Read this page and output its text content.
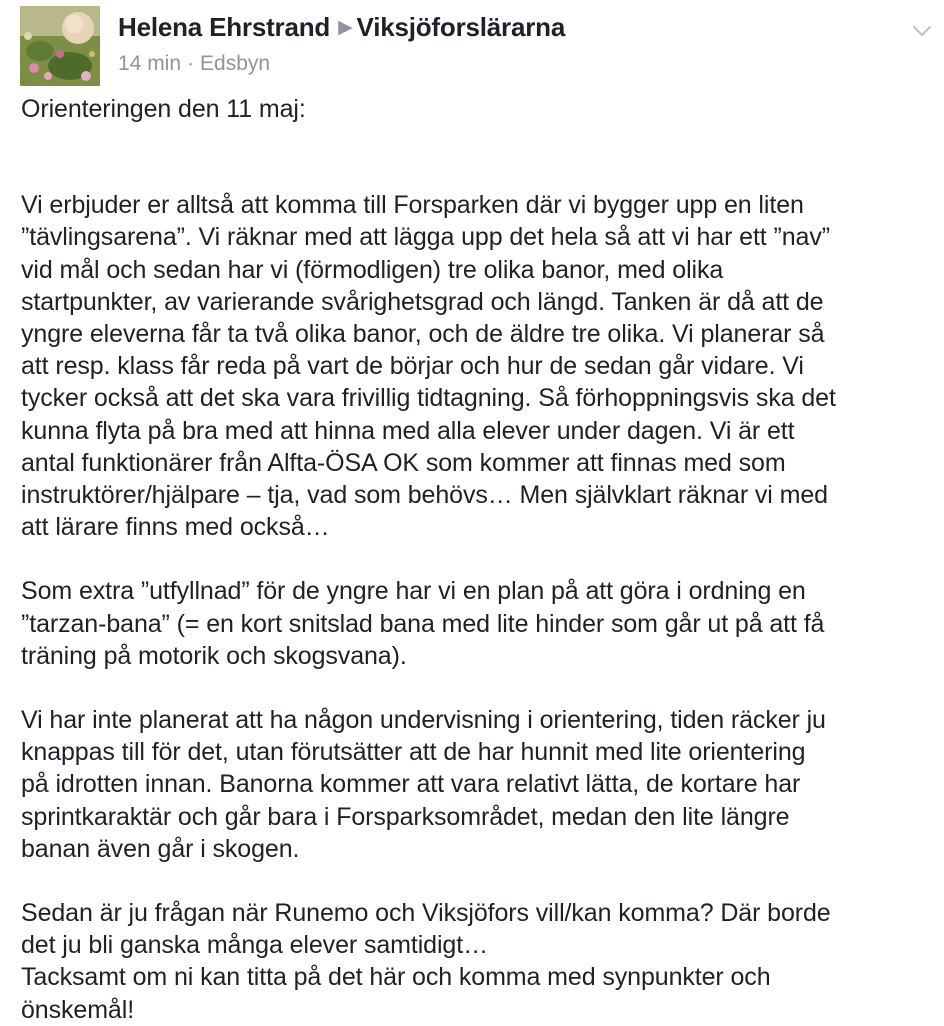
Helena Ehrstrand ▶ Viksjöforslärarna
14 min · Edsbyn

Orienteringen den 11 maj:

Vi erbjuder er alltså att komma till Forsparken där vi bygger upp en liten

”tävlingsarena”. Vi räknar med att lägga upp det hela så att vi har ett ”nav”

vid mål och sedan har vi (förmodligen) tre olika banor, med olika

startpunkter, av varierande svårighetsgrad och längd. Tanken är då att de

yngre eleverna får ta två olika banor, och de äldre tre olika. Vi planerar så

att resp. klass får reda på vart de börjar och hur de sedan går vidare. Vi

tycker också att det ska vara frivillig tidtagning. Så förhoppningsvis ska det

kunna flyta på bra med att hinna med alla elever under dagen. Vi är ett

antal funktionärer från Alfta-ÖSA OK som kommer att finnas med som

instruktörer/hjälpare – tja, vad som behövs… Men självklart räknar vi med

att lärare finns med också…

Som extra ”utfyllnad” för de yngre har vi en plan på att göra i ordning en

”tarzan-bana” (= en kort snitslad bana med lite hinder som går ut på att få

träning på motorik och skogsvana).

Vi har inte planerat att ha någon undervisning i orientering, tiden räcker ju

knappas till för det, utan förutsätter att de har hunnit med lite orientering

på idrotten innan. Banorna kommer att vara relativt lätta, de kortare har

sprintkaraktär och går bara i Forsparksområdet, medan den lite längre

banan även går i skogen.

Sedan är ju frågan när Runemo och Viksjöfors vill/kan komma? Där borde

det ju bli ganska många elever samtidigt…

Tacksamt om ni kan titta på det här och komma med synpunkter och

önskemål!
